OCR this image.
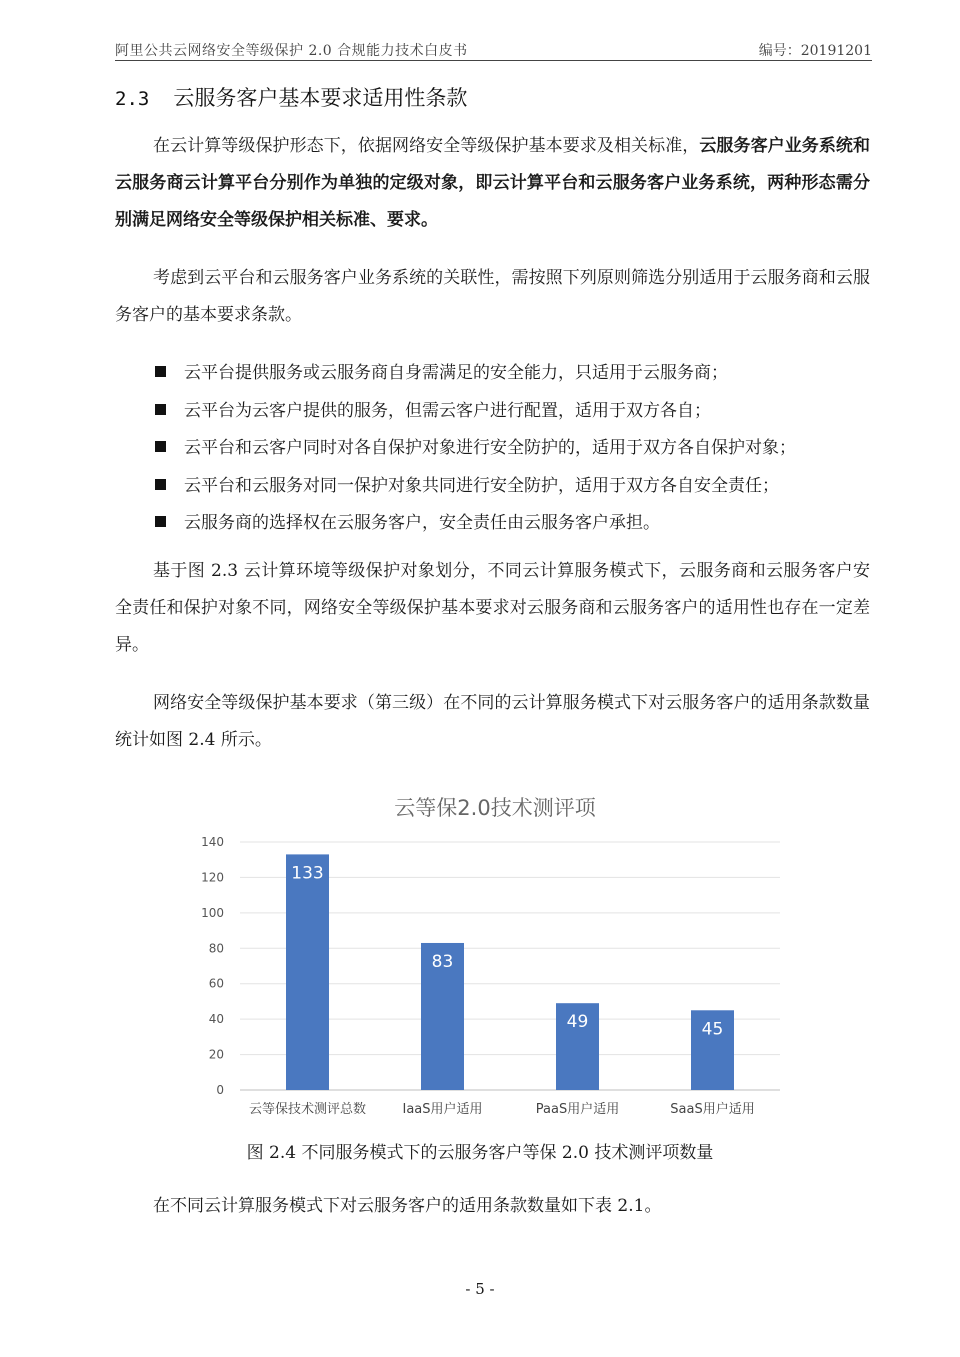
阿里公共云网络安全等级保护 2.0 合规能力技术白皮书	编号：20191201
2.3 云服务客户基本要求适用性条款

在云计算等级保护形态下，依据网络安全等级保护基本要求及相关标准，云服务客户业务系统和云服务商云计算平台分别作为单独的定级对象，即云计算平台和云服务客户业务系统，两种形态需分别满足网络安全等级保护相关标准、要求。

考虑到云平台和云服务客户业务系统的关联性，需按照下列原则筛选分别适用于云服务商和云服务客户的基本要求条款。

云平台提供服务或云服务商自身需满足的安全能力，只适用于云服务商；
云平台为云客户提供的服务，但需云客户进行配置，适用于双方各自；
云平台和云客户同时对各自保护对象进行安全防护的，适用于双方各自保护对象；
云平台和云服务对同一保护对象共同进行安全防护，适用于双方各自安全责任；
云服务商的选择权在云服务客户，安全责任由云服务客户承担。

基于图 2.3 云计算环境等级保护对象划分，不同云计算服务模式下，云服务商和云服务客户安全责任和保护对象不同，网络安全等级保护基本要求对云服务商和云服务客户的适用性也存在一定差异。

网络安全等级保护基本要求（第三级）在不同的云计算服务模式下对云服务客户的适用条款数量统计如图 2.4 所示。

云等保2.0技术测评项
0
20
40
60
80
100
120
140
133
83
49	45
云等保技术测评总数	IaaS用户适用	PaaS用户适用	SaaS用户适用
图 2.4 不同服务模式下的云服务客户等保 2.0 技术测评项数量

在不同云计算服务模式下对云服务客户的适用条款数量如下表 2.1。

- 5 -
